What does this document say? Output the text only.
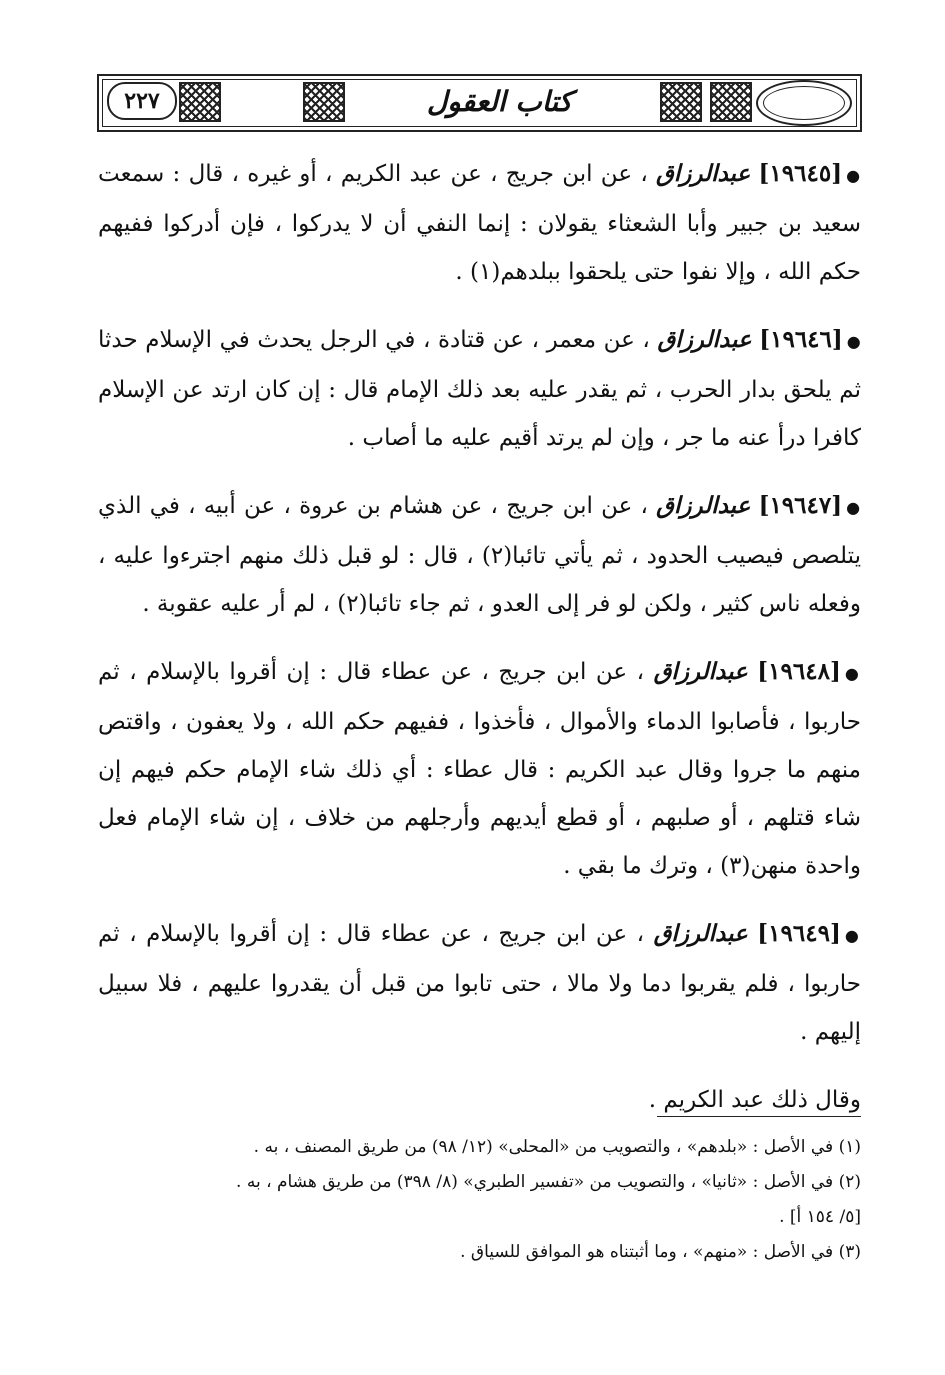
٢٢٧	كتاب العقول

●[١٩٦٤٥] عبدالرزاق ، عن ابن جريج ، عن عبد الكريم ، أو غيره ، قال : سمعت سعيد بن جبير وأبا الشعثاء يقولان : إنما النفي أن لا يدركوا ، فإن أدركوا ففيهم حكم الله ، وإلا نفوا حتى يلحقوا ببلدهم(١) .

●[١٩٦٤٦] عبدالرزاق ، عن معمر ، عن قتادة ، في الرجل يحدث في الإسلام حدثا ثم يلحق بدار الحرب ، ثم يقدر عليه بعد ذلك الإمام قال : إن كان ارتد عن الإسلام كافرا درأ عنه ما جر ، وإن لم يرتد أقيم عليه ما أصاب .

●[١٩٦٤٧] عبدالرزاق ، عن ابن جريج ، عن هشام بن عروة ، عن أبيه ، في الذي يتلصص فيصيب الحدود ، ثم يأتي تائبا(٢) ، قال : لو قبل ذلك منهم اجترءوا عليه ، وفعله ناس كثير ، ولكن لو فر إلى العدو ، ثم جاء تائبا(٢) ، لم أر عليه عقوبة .

●[١٩٦٤٨] عبدالرزاق ، عن ابن جريج ، عن عطاء قال : إن أقروا بالإسلام ، ثم حاربوا ، فأصابوا الدماء والأموال ، فأخذوا ، ففيهم حكم الله ، ولا يعفون ، واقتص منهم ما جروا وقال عبد الكريم : قال عطاء : أي ذلك شاء الإمام حكم فيهم إن شاء قتلهم ، أو صلبهم ، أو قطع أيديهم وأرجلهم من خلاف ، إن شاء الإمام فعل واحدة منهن(٣) ، وترك ما بقي .

●[١٩٦٤٩] عبدالرزاق ، عن ابن جريج ، عن عطاء قال : إن أقروا بالإسلام ، ثم حاربوا ، فلم يقربوا دما ولا مالا ، حتى تابوا من قبل أن يقدروا عليهم ، فلا سبيل إليهم .

وقال ذلك عبد الكريم .

(١) في الأصل : «بلدهم» ، والتصويب من «المحلى» (١٢/ ٩٨) من طريق المصنف ، به .

(٢) في الأصل : «ثانيا» ، والتصويب من «تفسير الطبري» (٨/ ٣٩٨) من طريق هشام ، به .

[٥/ ١٥٤ أ] .

(٣) في الأصل : «منهم» ، وما أثبتناه هو الموافق للسياق .
